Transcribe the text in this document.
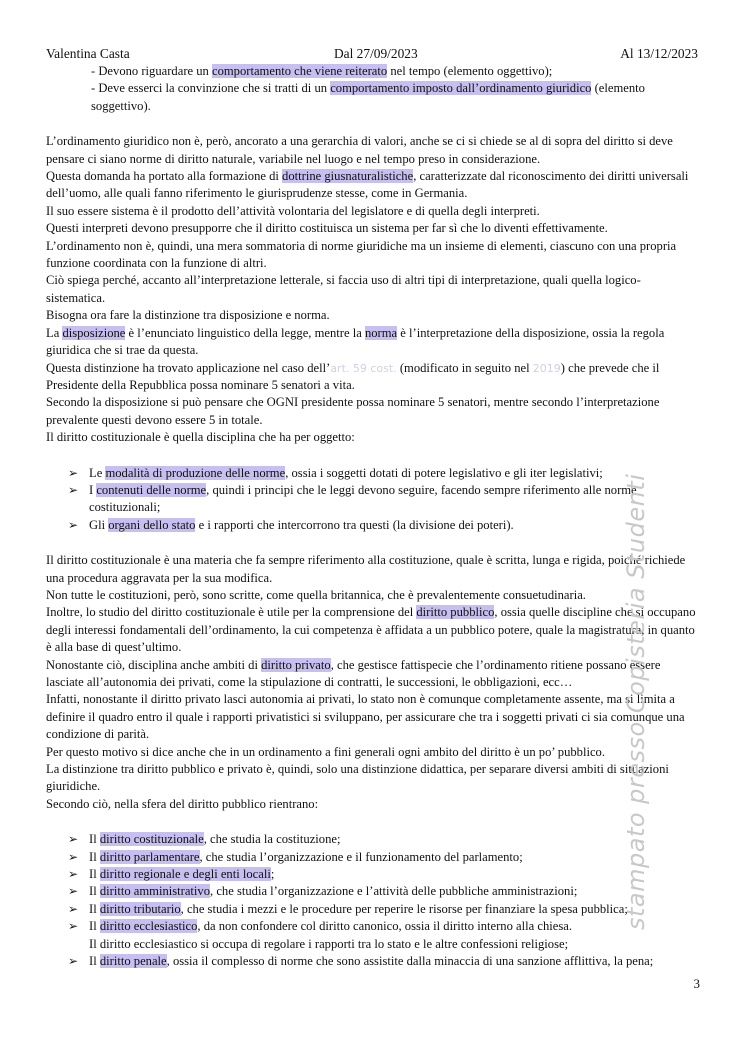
Valentina Casta	Dal 27/09/2023	Al 13/12/2023

- Devono riguardare un comportamento che viene reiterato nel tempo (elemento oggettivo);

- Deve esserci la convinzione che si tratti di un comportamento imposto dall’ordinamento giuridico (elemento soggettivo).

L’ordinamento giuridico non è, però, ancorato a una gerarchia di valori, anche se ci si chiede se al di sopra del diritto si deve pensare ci siano norme di diritto naturale, variabile nel luogo e nel tempo preso in considerazione.

Questa domanda ha portato alla formazione di dottrine giusnaturalistiche, caratterizzate dal riconoscimento dei diritti universali dell’uomo, alle quali fanno riferimento le giurisprudenze stesse, come in Germania.

Il suo essere sistema è il prodotto dell’attività volontaria del legislatore e di quella degli interpreti.

Questi interpreti devono presupporre che il diritto costituisca un sistema per far sì che lo diventi effettivamente.

L’ordinamento non è, quindi, una mera sommatoria di norme giuridiche ma un insieme di elementi, ciascuno con una propria funzione coordinata con la funzione di altri.

Ciò spiega perché, accanto all’interpretazione letterale, si faccia uso di altri tipi di interpretazione, quali quella logico-sistematica.

Bisogna ora fare la distinzione tra disposizione e norma.

La disposizione è l’enunciato linguistico della legge, mentre la norma è l’interpretazione della disposizione, ossia la regola giuridica che si trae da questa.

Questa distinzione ha trovato applicazione nel caso dell’art. 59 cost. (modificato in seguito nel 2019) che prevede che il Presidente della Repubblica possa nominare 5 senatori a vita.

Secondo la disposizione si può pensare che OGNI presidente possa nominare 5 senatori, mentre secondo l’interpretazione prevalente questi devono essere 5 in totale.

Il diritto costituzionale è quella disciplina che ha per oggetto:

➢ Le modalità di produzione delle norme, ossia i soggetti dotati di potere legislativo e gli iter legislativi;
➢ I contenuti delle norme, quindi i principi che le leggi devono seguire, facendo sempre riferimento alle norme costituzionali;
➢ Gli organi dello stato e i rapporti che intercorrono tra questi (la divisione dei poteri).

Il diritto costituzionale è una materia che fa sempre riferimento alla costituzione, quale è scritta, lunga e rigida, poiché richiede una procedura aggravata per la sua modifica.

Non tutte le costituzioni, però, sono scritte, come quella britannica, che è prevalentemente consuetudinaria.

Inoltre, lo studio del diritto costituzionale è utile per la comprensione del diritto pubblico, ossia quelle discipline che si occupano degli interessi fondamentali dell’ordinamento, la cui competenza è affidata a un pubblico potere, quale la magistratura, in quanto è alla base di quest’ultimo.

Nonostante ciò, disciplina anche ambiti di diritto privato, che gestisce fattispecie che l’ordinamento ritiene possano essere lasciate all’autonomia dei privati, come la stipulazione di contratti, le successioni, le obbligazioni, ecc…

Infatti, nonostante il diritto privato lasci autonomia ai privati, lo stato non è comunque completamente assente, ma si limita a definire il quadro entro il quale i rapporti privatistici si sviluppano, per assicurare che tra i soggetti privati ci sia comunque una condizione di parità.

Per questo motivo si dice anche che in un ordinamento a fini generali ogni ambito del diritto è un po’ pubblico.

La distinzione tra diritto pubblico e privato è, quindi, solo una distinzione didattica, per separare diversi ambiti di situazioni giuridiche.

Secondo ciò, nella sfera del diritto pubblico rientrano:

➢ Il diritto costituzionale, che studia la costituzione;
➢ Il diritto parlamentare, che studia l’organizzazione e il funzionamento del parlamento;
➢ Il diritto regionale e degli enti locali;
➢ Il diritto amministrativo, che studia l’organizzazione e l’attività delle pubbliche amministrazioni;
➢ Il diritto tributario, che studia i mezzi e le procedure per reperire le risorse per finanziare la spesa pubblica;
➢ Il diritto ecclesiastico, da non confondere col diritto canonico, ossia il diritto interno alla chiesa.
Il diritto ecclesiastico si occupa di regolare i rapporti tra lo stato e le altre confessioni religiose;
➢ Il diritto penale, ossia il complesso di norme che sono assistite dalla minaccia di una sanzione afflittiva, la pena;
stampato presso Copisteria Studenti
3
